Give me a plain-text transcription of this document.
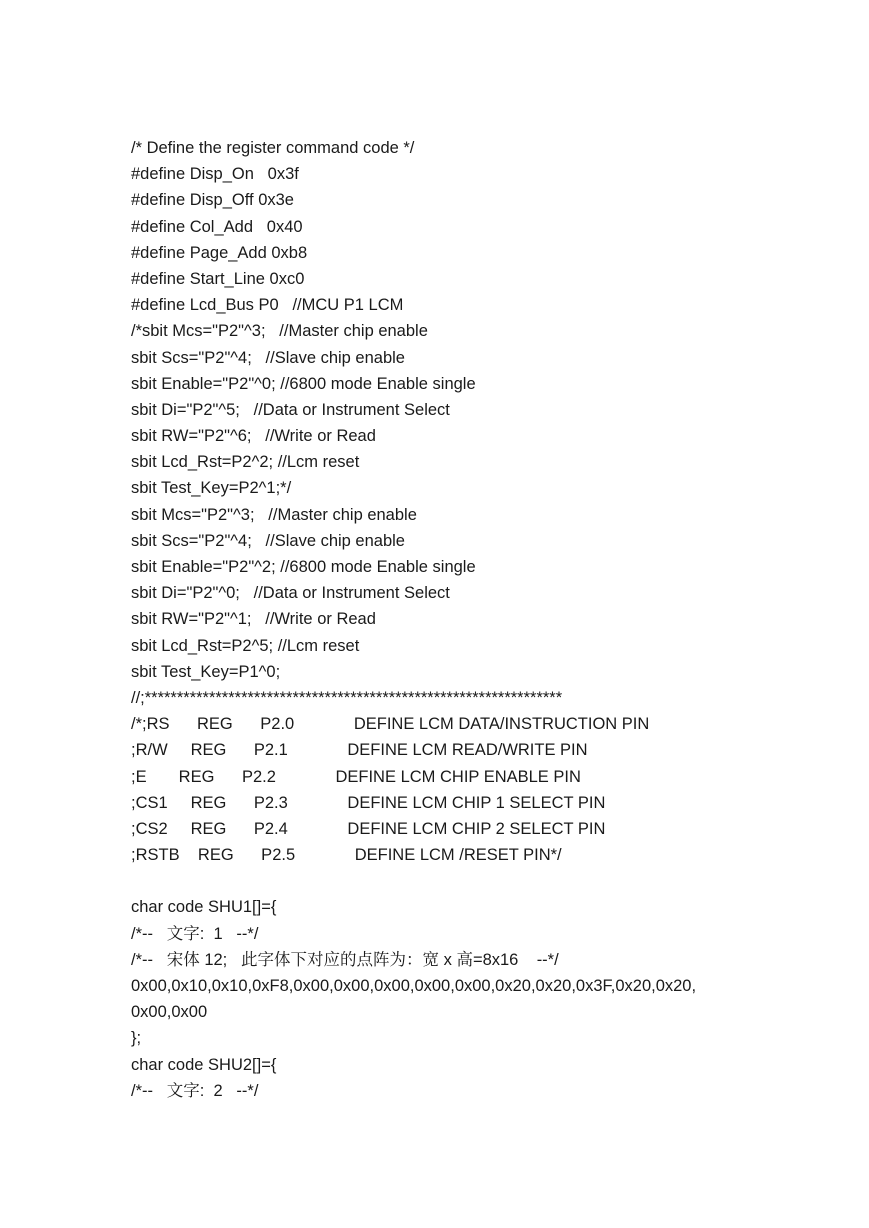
/* Define the register command code */
#define Disp_On   0x3f
#define Disp_Off 0x3e
#define Col_Add   0x40
#define Page_Add 0xb8
#define Start_Line 0xc0
#define Lcd_Bus P0   //MCU P1 LCM
/*sbit Mcs="P2"^3;   //Master chip enable
sbit Scs="P2"^4;   //Slave chip enable
sbit Enable="P2"^0; //6800 mode Enable single
sbit Di="P2"^5;   //Data or Instrument Select
sbit RW="P2"^6;   //Write or Read
sbit Lcd_Rst=P2^2; //Lcm reset
sbit Test_Key=P2^1;*/
sbit Mcs="P2"^3;   //Master chip enable
sbit Scs="P2"^4;   //Slave chip enable
sbit Enable="P2"^2; //6800 mode Enable single
sbit Di="P2"^0;   //Data or Instrument Select
sbit RW="P2"^1;   //Write or Read
sbit Lcd_Rst=P2^5; //Lcm reset
sbit Test_Key=P1^0;
//;*****************************************************************
/*;RS      REG      P2.0             DEFINE LCM DATA/INSTRUCTION PIN
;R/W     REG      P2.1             DEFINE LCM READ/WRITE PIN
;E       REG      P2.2             DEFINE LCM CHIP ENABLE PIN
;CS1     REG      P2.3             DEFINE LCM CHIP 1 SELECT PIN
;CS2     REG      P2.4             DEFINE LCM CHIP 2 SELECT PIN
;RSTB    REG      P2.5             DEFINE LCM /RESET PIN*/
char code SHU1[]={
/*--   文字:  1   --*/
/*--   宋体 12;   此字体下对应的点阵为：宽 x 高=8x16    --*/
0x00,0x10,0x10,0xF8,0x00,0x00,0x00,0x00,0x00,0x20,0x20,0x3F,0x20,0x20,
0x00,0x00
};
char code SHU2[]={
/*--   文字:  2   --*/
